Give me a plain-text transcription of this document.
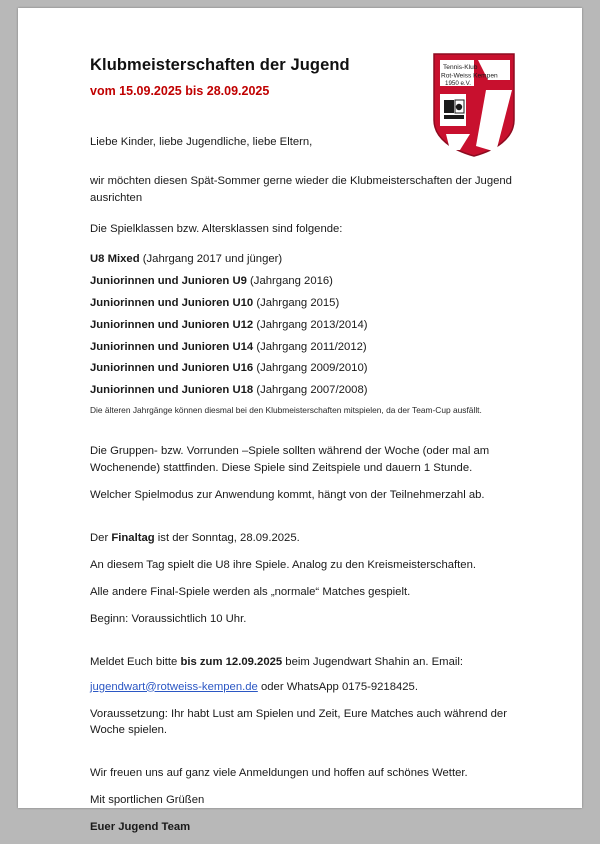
Klubmeisterschaften der Jugend
vom 15.09.2025 bis 28.09.2025
Tennis-Klub
Rot-Weiss Kempen
1950 e.V.

Liebe Kinder, liebe Jugendliche, liebe Eltern,

wir möchten diesen Spät-Sommer gerne wieder die Klubmeisterschaften der Jugend ausrichten

Die Spielklassen bzw. Altersklassen sind folgende:

U8 Mixed (Jahrgang 2017 und jünger)
Juniorinnen und Junioren U9 (Jahrgang 2016)
Juniorinnen und Junioren U10 (Jahrgang 2015)
Juniorinnen und Junioren U12 (Jahrgang 2013/2014)
Juniorinnen und Junioren U14 (Jahrgang 2011/2012)
Juniorinnen und Junioren U16 (Jahrgang 2009/2010)
Juniorinnen und Junioren U18 (Jahrgang 2007/2008)

Die älteren Jahrgänge können diesmal bei den Klubmeisterschaften mitspielen, da der Team-Cup ausfällt.

Die Gruppen- bzw. Vorrunden –Spiele sollten während der Woche (oder mal am Wochenende) stattfinden. Diese Spiele sind Zeitspiele und dauern 1 Stunde.

Welcher Spielmodus zur Anwendung kommt, hängt von der Teilnehmerzahl ab.

Der Finaltag ist der Sonntag, 28.09.2025.

An diesem Tag spielt die U8 ihre Spiele. Analog zu den Kreismeisterschaften.

Alle andere Final-Spiele werden als „normale“ Matches gespielt.

Beginn: Voraussichtlich 10 Uhr.

Meldet Euch bitte bis zum 12.09.2025 beim Jugendwart Shahin an. Email:

jugendwart@rotweiss-kempen.de oder WhatsApp 0175-9218425.

Voraussetzung: Ihr habt Lust am Spielen und Zeit, Eure Matches auch während der Woche spielen.

Wir freuen uns auf ganz viele Anmeldungen und hoffen auf schönes Wetter.

Mit sportlichen Grüßen

Euer Jugend Team
